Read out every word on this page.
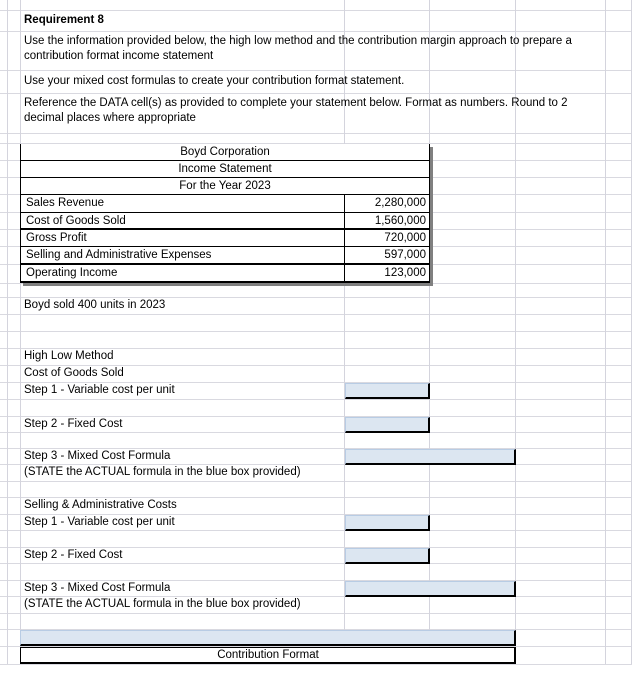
Requirement 8
Use the information provided below, the high low method and the contribution margin approach to prepare a contribution format income statement
Use your mixed cost formulas to create your contribution format statement.
Reference the DATA cell(s) as provided to complete your statement below. Format as numbers. Round to 2 decimal places where appropriate
Boyd Corporation
Income Statement
For the Year 2023
Sales Revenue	2,280,000
Cost of Goods Sold	1,560,000
Gross Profit	720,000
Selling and Administrative Expenses	597,000
Operating Income	123,000
Boyd sold 400 units in 2023
High Low Method
Cost of Goods Sold
Step 1 - Variable cost per unit
Step 2 - Fixed Cost
Step 3 - Mixed Cost Formula
(STATE the ACTUAL formula in the blue box provided)
Selling & Administrative Costs
Step 1 - Variable cost per unit
Step 2 - Fixed Cost
Step 3 - Mixed Cost Formula
(STATE the ACTUAL formula in the blue box provided)
Contribution Format
